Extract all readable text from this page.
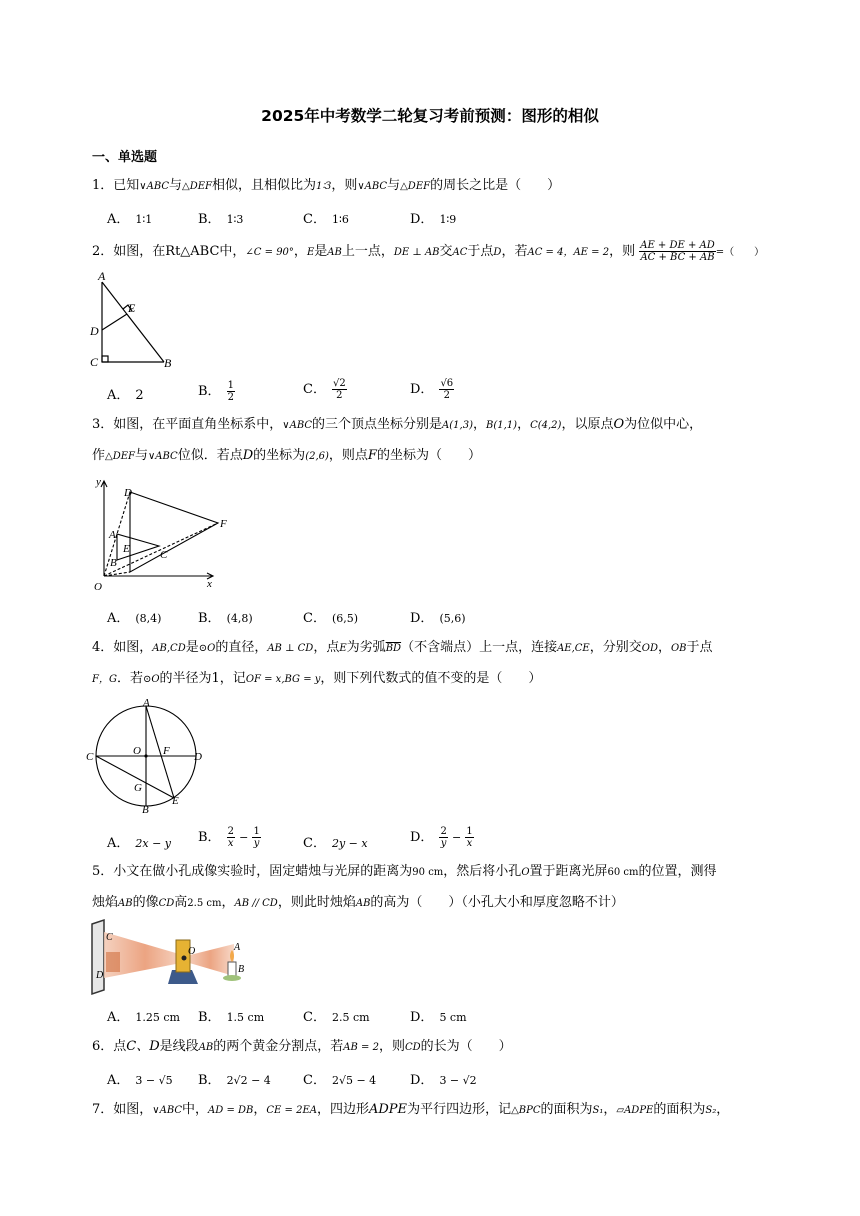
2025年中考数学二轮复习考前预测：图形的相似
一、单选题
1．已知∨ABC与△DEF相似，且相似比为1∶3，则∨ABC与△DEF的周长之比是（　　）
A． 1∶1	B． 1∶3	C． 1∶6	D． 1∶9
2．如图，在Rt△ABC中，∠C = 90°，E是AB上一点，DE ⊥ AB交AC于点D，若AC = 4，AE = 2，则 $\frac{AE + DE + AD}{AC + BC + AB}$ =（　　）
A
E
D
C	B
A． 2	B． $\frac{1}{2}$	C． $\frac{√2}{2}$	D． $\frac{√6}{2}$
3．如图，在平面直角坐标系中，∨ABC的三个顶点坐标分别是A(1,3)，B(1,1)，C(4,2)，以原点O为位似中心，
作△DEF与∨ABC位似．若点D的坐标为(2,6)，则点F的坐标为（　　）
y
x
O
D
F
A
E
B
C
A． (8,4)	B． (4,8)	C． (6,5)	D． (5,6)
4．如图，AB,CD是⊙O的直径，AB ⊥ CD，点E为劣弧$\overline{BD}$（不含端点）上一点，连接AE,CE，分别交OD，OB于点
F，G．若⊙O的半径为1，记OF = x,BG = y，则下列代数式的值不变的是（　　）
A
C	D
O F
G
B
E
A． 2x − y B． $\frac{2}{x} - \frac{1}{y}$	C． 2y − x	D． $\frac{2}{y} - \frac{1}{x}$
5．小文在做小孔成像实验时，固定蜡烛与光屏的距离为90 cm，然后将小孔O置于距离光屏60 cm的位置，测得
烛焰AB的像CD高2.5 cm，AB // CD，则此时烛焰AB的高为（　　）（小孔大小和厚度忽略不计）
C
D
A
B
O
A． 1.25 cm B． 1.5 cm	C． 2.5 cm	D． 5 cm
6．点C、D是线段AB的两个黄金分割点，若AB = 2，则CD的长为（　　）
A． 3 − √5 B． 2√2 − 4 C． 2√5 − 4	D． 3 − √2
7．如图，∨ABC中，AD = DB，CE = 2EA，四边形ADPE为平行四边形，记△BPC的面积为S₁，▱ADPE的面积为S₂，
